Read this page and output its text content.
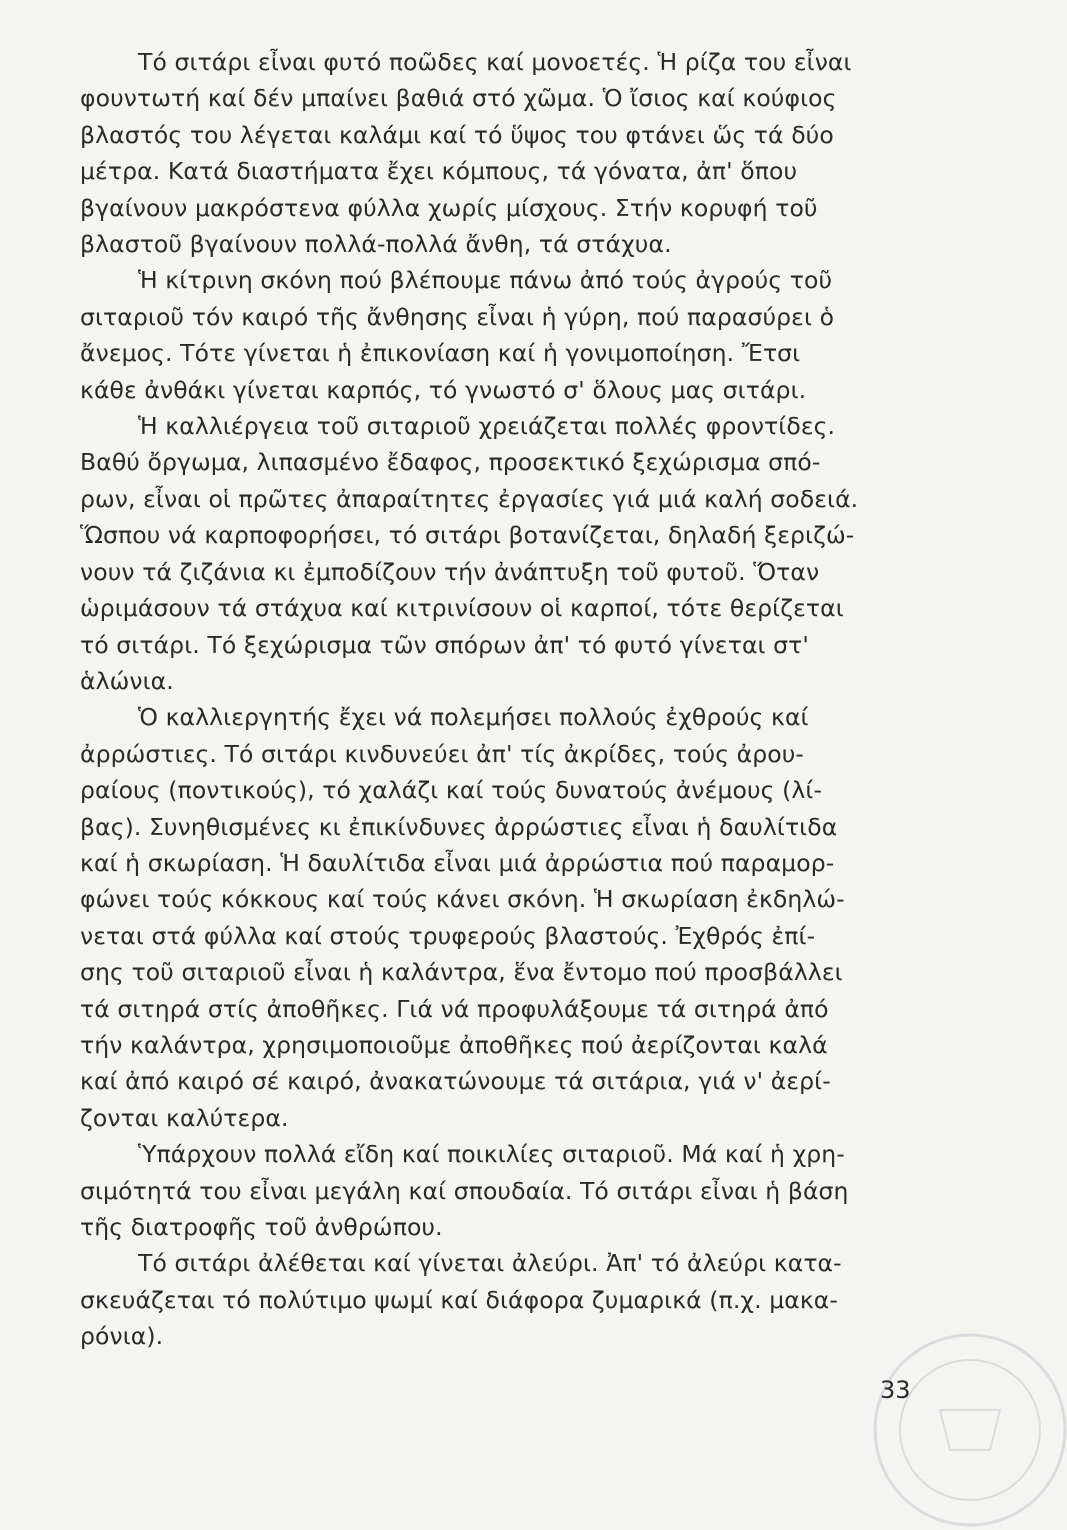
Τό σιτάρι εἶναι φυτό ποῶδες καί μονοετές. Ἡ ρίζα του εἶναι
φουντωτή καί δέν μπαίνει βαθιά στό χῶμα. Ὁ ἴσιος καί κούφιος
βλαστός του λέγεται καλάμι καί τό ὕψος του φτάνει ὥς τά δύο
μέτρα. Κατά διαστήματα ἔχει κόμπους, τά γόνατα, ἀπ' ὅπου
βγαίνουν μακρόστενα φύλλα χωρίς μίσχους. Στήν κορυφή τοῦ
βλαστοῦ βγαίνουν πολλά-πολλά ἄνθη, τά στάχυα.

Ἡ κίτρινη σκόνη πού βλέπουμε πάνω ἀπό τούς ἀγρούς τοῦ
σιταριοῦ τόν καιρό τῆς ἄνθησης εἶναι ἡ γύρη, πού παρασύρει ὁ
ἄνεμος. Τότε γίνεται ἡ ἐπικονίαση καί ἡ γονιμοποίηση. Ἔτσι
κάθε ἀνθάκι γίνεται καρπός, τό γνωστό σ' ὅλους μας σιτάρι.

Ἡ καλλιέργεια τοῦ σιταριοῦ χρειάζεται πολλές φροντίδες.
Βαθύ ὄργωμα, λιπασμένο ἔδαφος, προσεκτικό ξεχώρισμα σπό-
ρων, εἶναι οἱ πρῶτες ἀπαραίτητες ἐργασίες γιά μιά καλή σοδειά.
Ὥσπου νά καρποφορήσει, τό σιτάρι βοτανίζεται, δηλαδή ξεριζώ-
νουν τά ζιζάνια κι ἐμποδίζουν τήν ἀνάπτυξη τοῦ φυτοῦ. Ὅταν
ὡριμάσουν τά στάχυα καί κιτρινίσουν οἱ καρποί, τότε θερίζεται
τό σιτάρι. Τό ξεχώρισμα τῶν σπόρων ἀπ' τό φυτό γίνεται στ'
ἁλώνια.

Ὁ καλλιεργητής ἔχει νά πολεμήσει πολλούς ἐχθρούς καί
ἀρρώστιες. Τό σιτάρι κινδυνεύει ἀπ' τίς ἀκρίδες, τούς ἀρου-
ραίους (ποντικούς), τό χαλάζι καί τούς δυνατούς ἀνέμους (λί-
βας). Συνηθισμένες κι ἐπικίνδυνες ἀρρώστιες εἶναι ἡ δαυλίτιδα
καί ἡ σκωρίαση. Ἡ δαυλίτιδα εἶναι μιά ἀρρώστια πού παραμορ-
φώνει τούς κόκκους καί τούς κάνει σκόνη. Ἡ σκωρίαση ἐκδηλώ-
νεται στά φύλλα καί στούς τρυφερούς βλαστούς. Ἐχθρός ἐπί-
σης τοῦ σιταριοῦ εἶναι ἡ καλάντρα, ἕνα ἔντομο πού προσβάλλει
τά σιτηρά στίς ἀποθῆκες. Γιά νά προφυλάξουμε τά σιτηρά ἀπό
τήν καλάντρα, χρησιμοποιοῦμε ἀποθῆκες πού ἀερίζονται καλά
καί ἀπό καιρό σέ καιρό, ἀνακατώνουμε τά σιτάρια, γιά ν' ἀερί-
ζονται καλύτερα.

Ὑπάρχουν πολλά εἴδη καί ποικιλίες σιταριοῦ. Μά καί ἡ χρη-
σιμότητά του εἶναι μεγάλη καί σπουδαία. Τό σιτάρι εἶναι ἡ βάση
τῆς διατροφῆς τοῦ ἀνθρώπου.

Τό σιτάρι ἀλέθεται καί γίνεται ἀλεύρι. Ἀπ' τό ἀλεύρι κατα-
σκευάζεται τό πολύτιμο ψωμί καί διάφορα ζυμαρικά (π.χ. μακα-
ρόνια).

33
